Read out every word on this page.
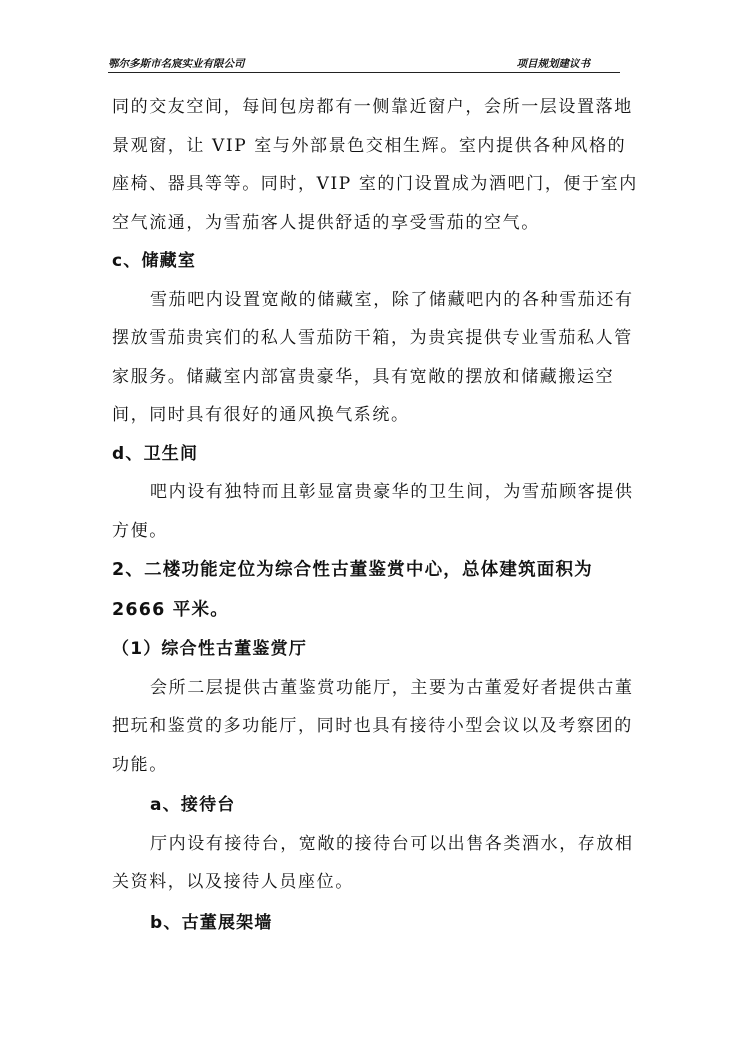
鄂尔多斯市名宸实业有限公司	项目规划建议书

同的交友空间，每间包房都有一侧靠近窗户，会所一层设置落地景观窗，让 VIP 室与外部景色交相生辉。室内提供各种风格的座椅、器具等等。同时，VIP 室的门设置成为酒吧门，便于室内空气流通，为雪茄客人提供舒适的享受雪茄的空气。

c、储藏室

雪茄吧内设置宽敞的储藏室，除了储藏吧内的各种雪茄还有摆放雪茄贵宾们的私人雪茄防干箱，为贵宾提供专业雪茄私人管家服务。储藏室内部富贵豪华，具有宽敞的摆放和储藏搬运空间，同时具有很好的通风换气系统。

d、卫生间

吧内设有独特而且彰显富贵豪华的卫生间，为雪茄顾客提供方便。

2、二楼功能定位为综合性古董鉴赏中心，总体建筑面积为 2666 平米。

（1）综合性古董鉴赏厅

会所二层提供古董鉴赏功能厅，主要为古董爱好者提供古董把玩和鉴赏的多功能厅，同时也具有接待小型会议以及考察团的功能。

a、接待台

厅内设有接待台，宽敞的接待台可以出售各类酒水，存放相关资料，以及接待人员座位。

b、古董展架墙
